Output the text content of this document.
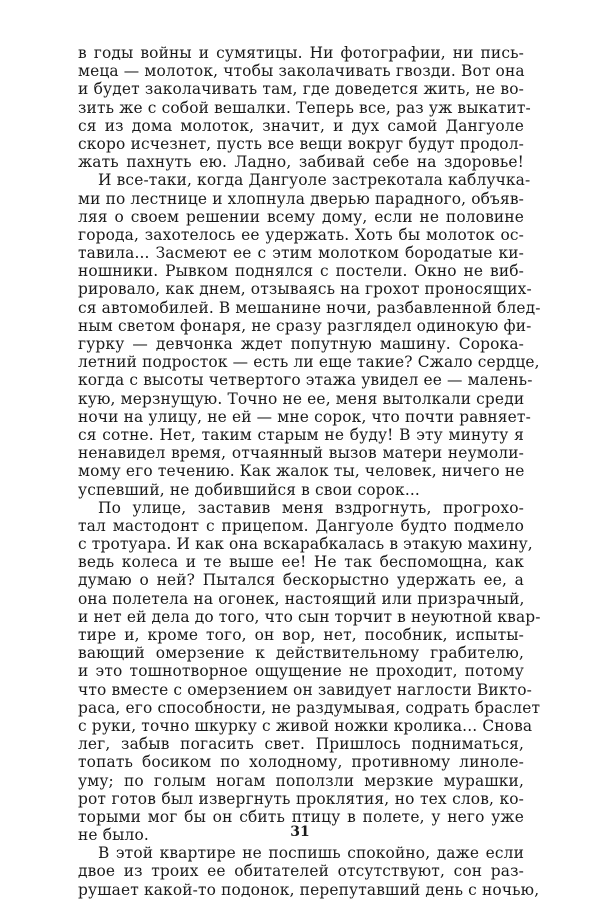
в годы войны и сумятицы. Ни фотографии, ни пись-
меца — молоток, чтобы заколачивать гвозди. Вот она
и будет заколачивать там, где доведется жить, не во-
зить же с собой вешалки. Теперь все, раз уж выкатит-
ся из дома молоток, значит, и дух самой Дангуоле
скоро исчезнет, пусть все вещи вокруг будут продол-
жать пахнуть ею. Ладно, забивай себе на здоровье!
И все-таки, когда Дангуоле застрекотала каблучка-
ми по лестнице и хлопнула дверью парадного, объяв-
ляя о своем решении всему дому, если не половине
города, захотелось ее удержать. Хоть бы молоток ос-
тавила... Засмеют ее с этим молотком бородатые ки-
ношники. Рывком поднялся с постели. Окно не виб-
рировало, как днем, отзываясь на грохот проносящих-
ся автомобилей. В мешанине ночи, разбавленной блед-
ным светом фонаря, не сразу разглядел одинокую фи-
гурку — девчонка ждет попутную машину. Сорока-
летний подросток — есть ли еще такие? Сжало сердце,
когда с высоты четвертого этажа увидел ее — малень-
кую, мерзнущую. Точно не ее, меня вытолкали среди
ночи на улицу, не ей — мне сорок, что почти равняет-
ся сотне. Нет, таким старым не буду! В эту минуту я
ненавидел время, отчаянный вызов матери неумоли-
мому его течению. Как жалок ты, человек, ничего не
успевший, не добившийся в свои сорок...
По улице, заставив меня вздрогнуть, прогрохо-
тал мастодонт с прицепом. Дангуоле будто подмело
с тротуара. И как она вскарабкалась в этакую махину,
ведь колеса и те выше ее! Не так беспомощна, как
думаю о ней? Пытался бескорыстно удержать ее, а
она полетела на огонек, настоящий или призрачный,
и нет ей дела до того, что сын торчит в неуютной квар-
тире и, кроме того, он вор, нет, пособник, испыты-
вающий омерзение к действительному грабителю,
и это тошнотворное ощущение не проходит, потому
что вместе с омерзением он завидует наглости Викто-
раса, его способности, не раздумывая, содрать браслет
с руки, точно шкурку с живой ножки кролика... Снова
лег, забыв погасить свет. Пришлось подниматься,
топать босиком по холодному, противному линоле-
уму; по голым ногам поползли мерзкие мурашки,
рот готов был извергнуть проклятия, но тех слов, ко-
торыми мог бы он сбить птицу в полете, у него уже
не было.
В этой квартире не поспишь спокойно, даже если
двое из троих ее обитателей отсутствуют, сон раз-
рушает какой-то подонок, перепутавший день с ночью,
31
